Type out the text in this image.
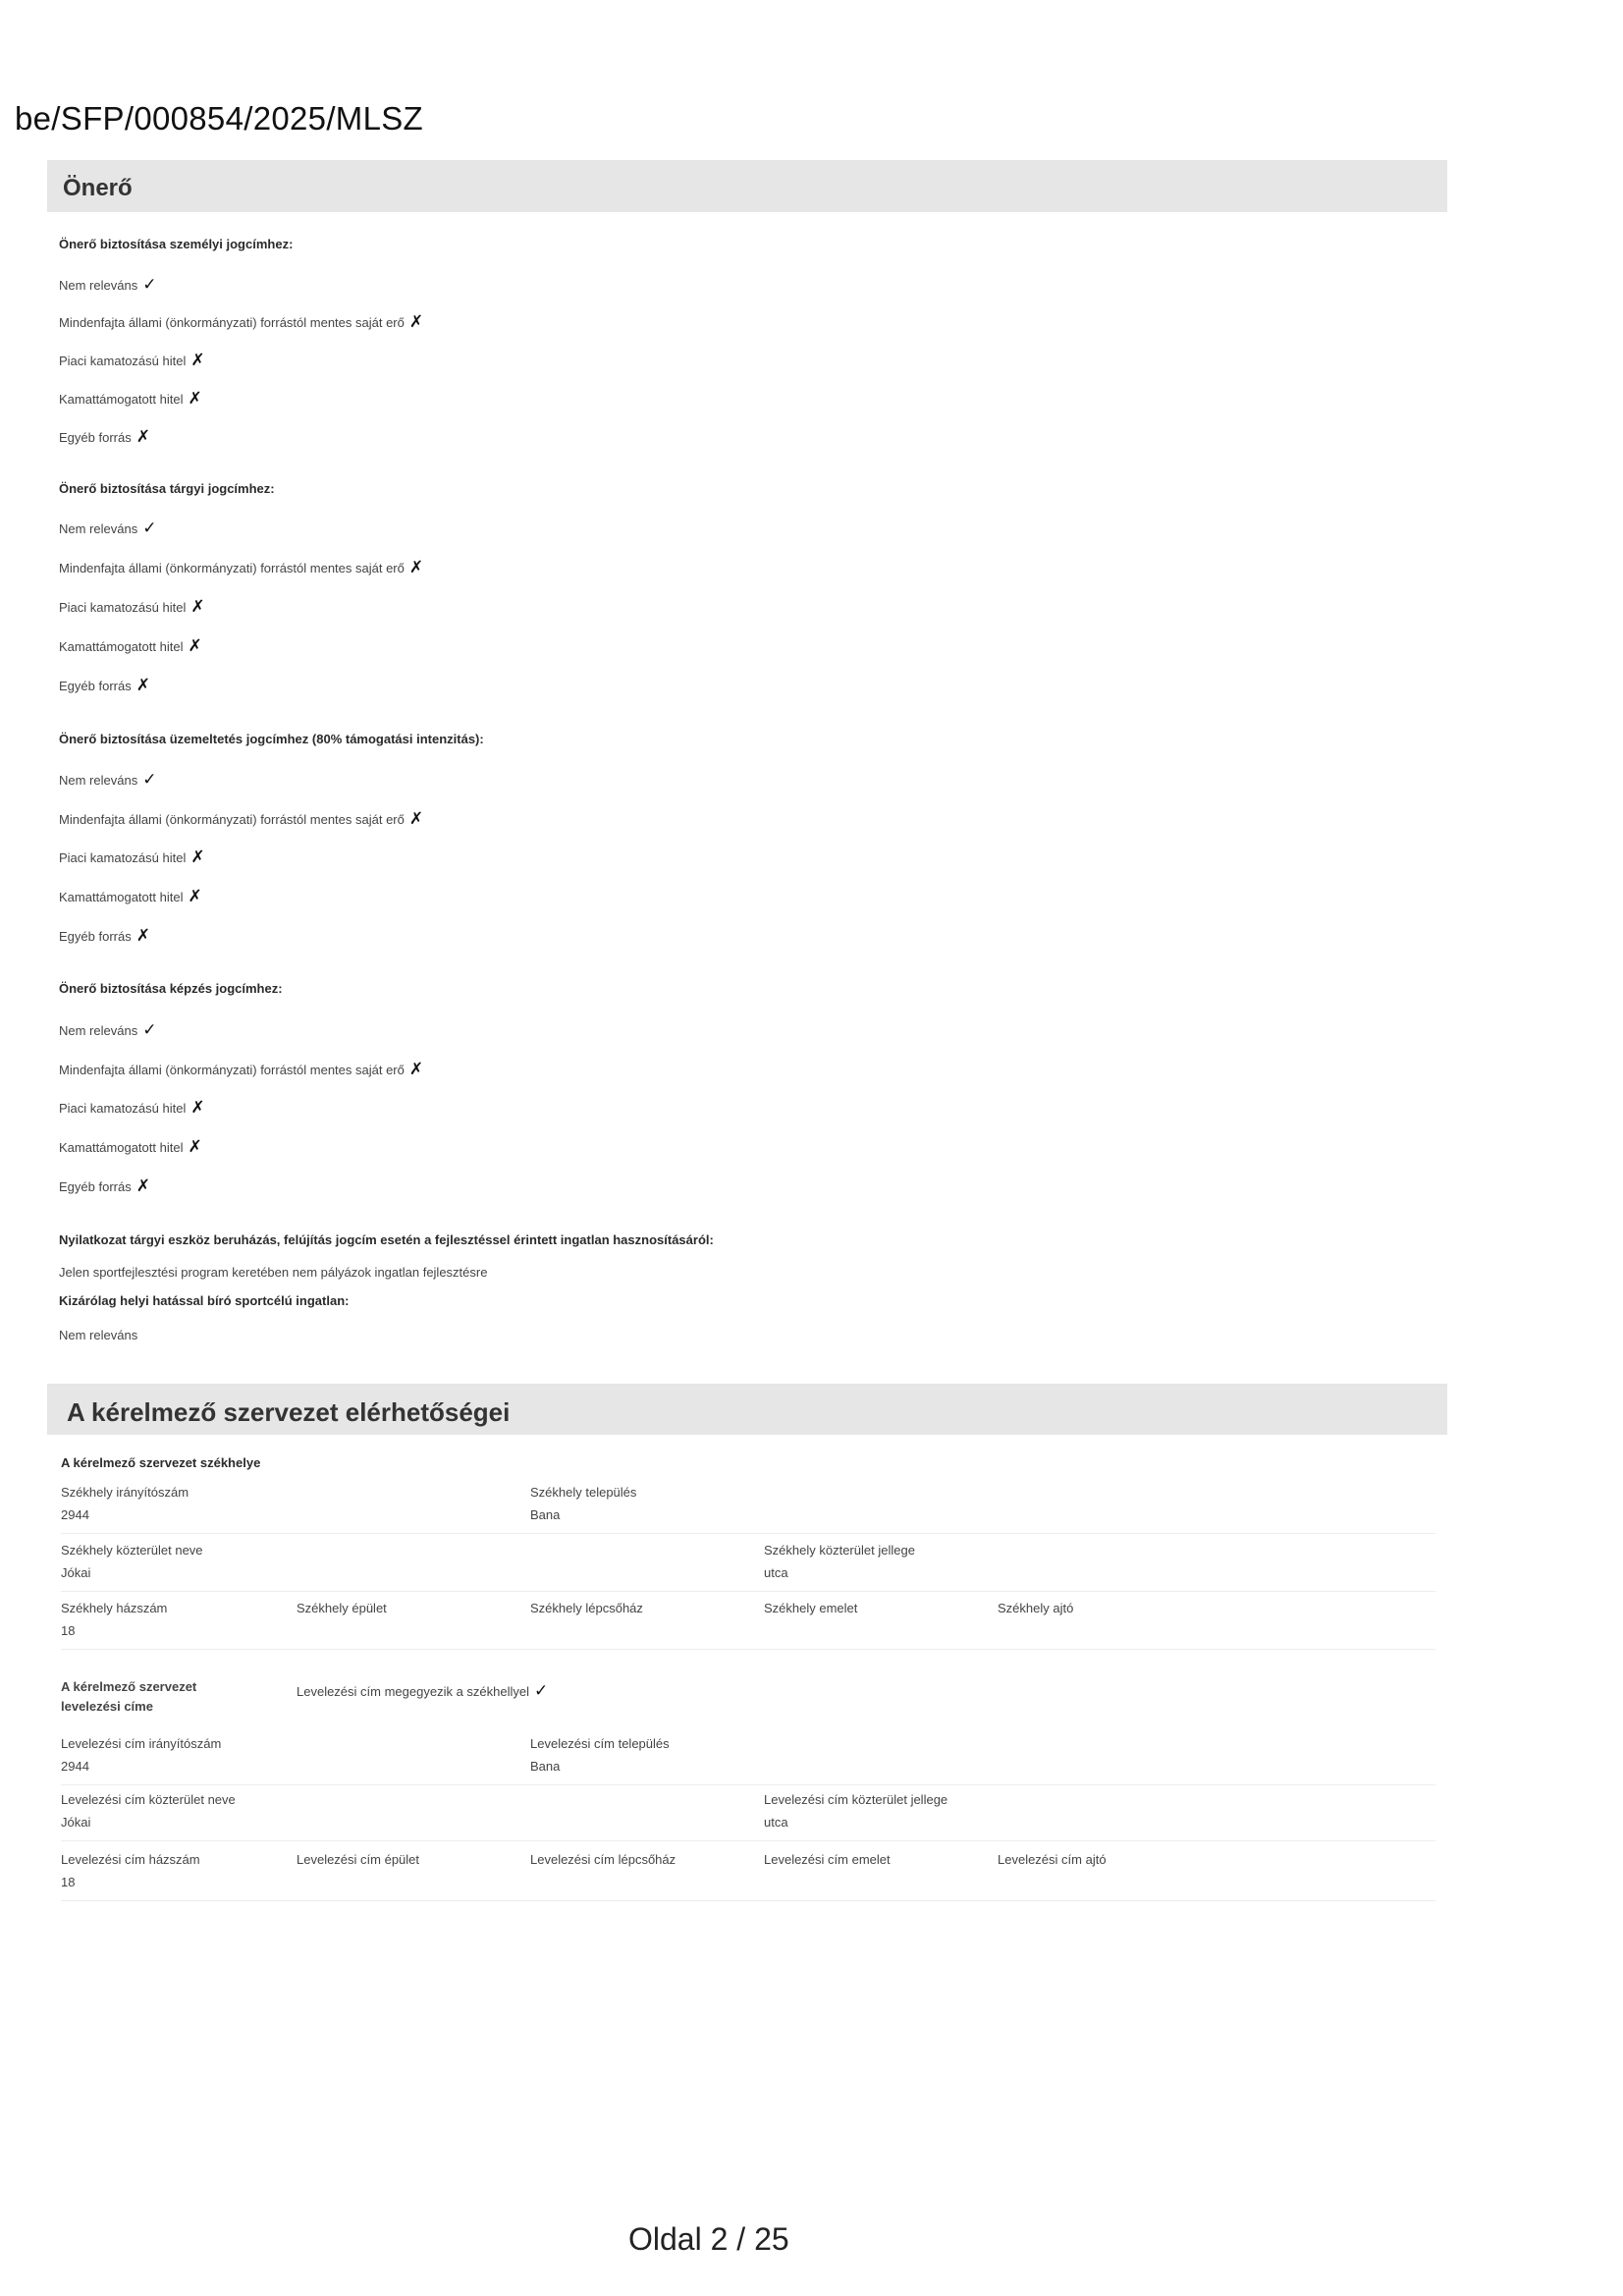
be/SFP/000854/2025/MLSZ
Önerő
Önerő biztosítása személyi jogcímhez:
Nem releváns ✓
Mindenfajta állami (önkormányzati) forrástól mentes saját erő ✗
Piaci kamatozású hitel ✗
Kamattámogatott hitel ✗
Egyéb forrás ✗
Önerő biztosítása tárgyi jogcímhez:
Nem releváns ✓
Mindenfajta állami (önkormányzati) forrástól mentes saját erő ✗
Piaci kamatozású hitel ✗
Kamattámogatott hitel ✗
Egyéb forrás ✗
Önerő biztosítása üzemeltetés jogcímhez (80% támogatási intenzitás):
Nem releváns ✓
Mindenfajta állami (önkormányzati) forrástól mentes saját erő ✗
Piaci kamatozású hitel ✗
Kamattámogatott hitel ✗
Egyéb forrás ✗
Önerő biztosítása képzés jogcímhez:
Nem releváns ✓
Mindenfajta állami (önkormányzati) forrástól mentes saját erő ✗
Piaci kamatozású hitel ✗
Kamattámogatott hitel ✗
Egyéb forrás ✗
Nyilatkozat tárgyi eszköz beruházás, felújítás jogcím esetén a fejlesztéssel érintett ingatlan hasznosításáról:
Jelen sportfejlesztési program keretében nem pályázok ingatlan fejlesztésre
Kizárólag helyi hatással bíró sportcélú ingatlan:
Nem releváns
A kérelmező szervezet elérhetőségei
A kérelmező szervezet székhelye
Székhely irányítószám
2944
Székhely település
Bana
Székhely közterület neve
Jókai
Székhely közterület jellege
utca
Székhely házszám
18
Székhely épület	Székhely lépcsőház	Székhely emelet	Székhely ajtó
A kérelmező szervezet levelezési címe
Levelezési cím megegyezik a székhellyel ✓
Levelezési cím irányítószám
2944
Levelezési cím település
Bana
Levelezési cím közterület neve
Jókai
Levelezési cím közterület jellege
utca
Levelezési cím házszám
18
Levelezési cím épület	Levelezési cím lépcsőház	Levelezési cím emelet	Levelezési cím ajtó
Oldal 2 / 25
